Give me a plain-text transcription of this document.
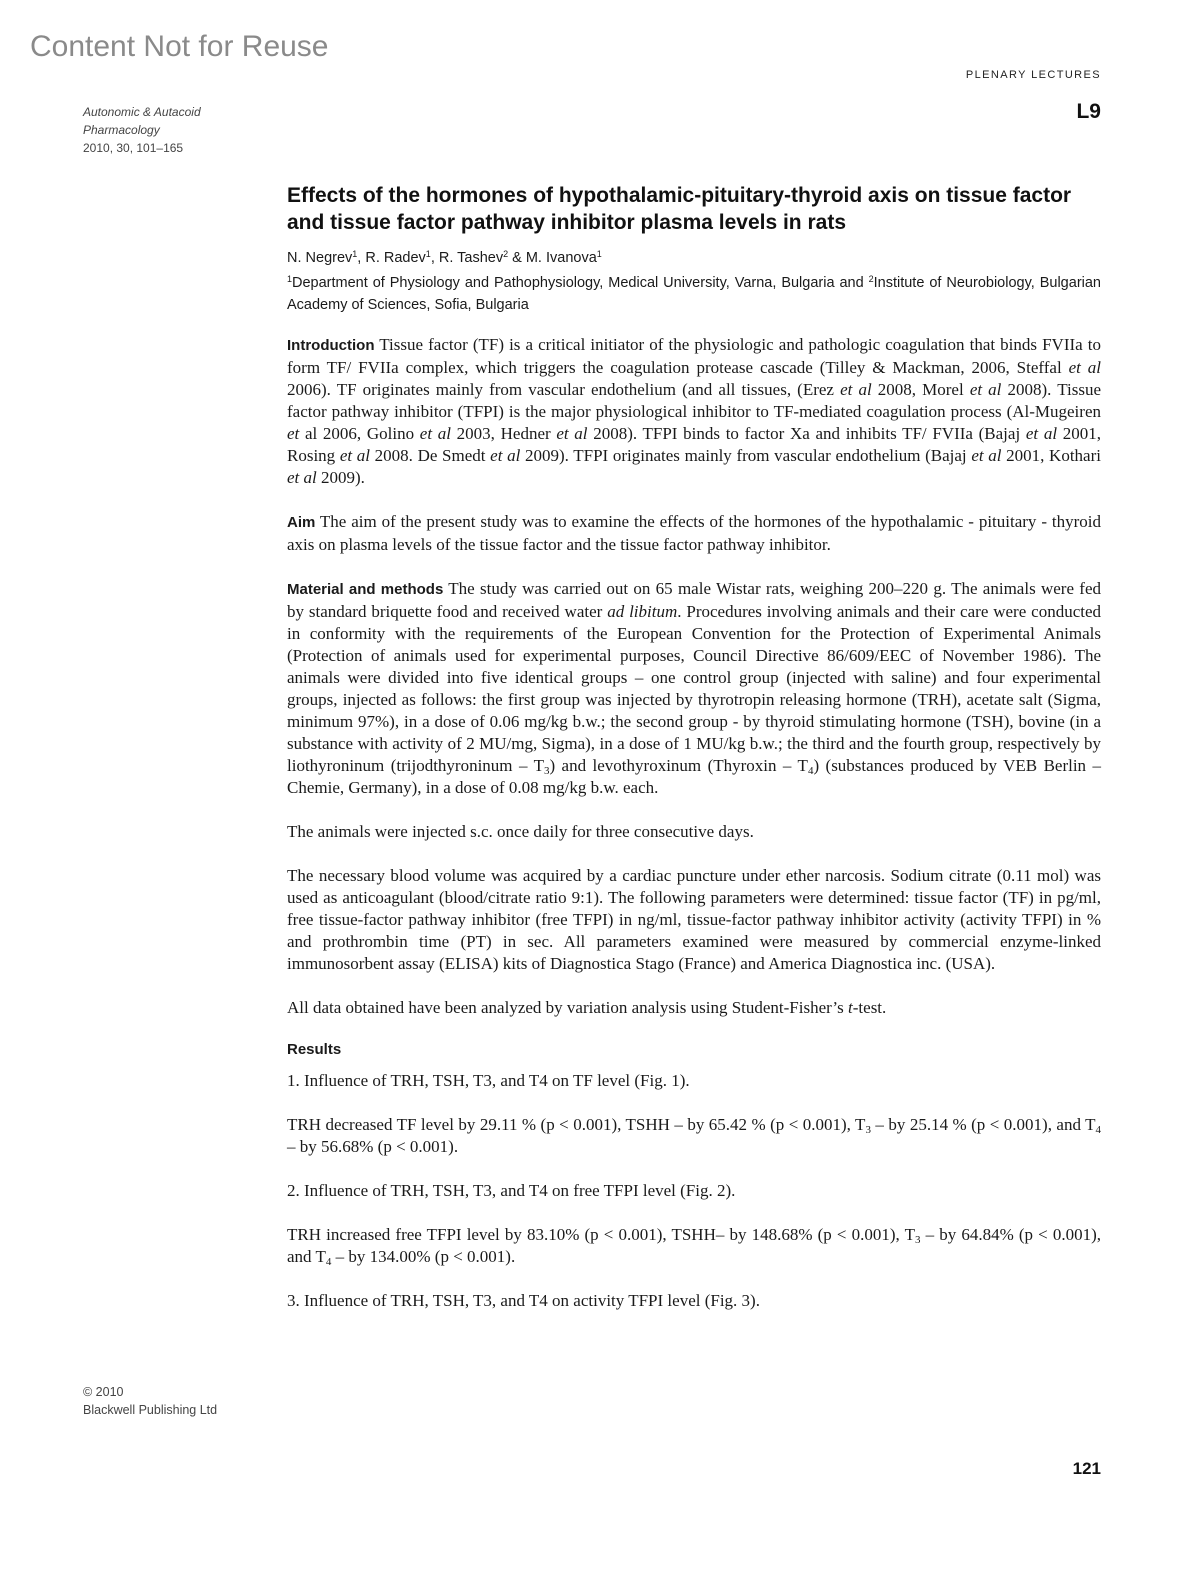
Content Not for Reuse
PLENARY LECTURES
L9
Autonomic & Autacoid
Pharmacology
2010, 30, 101–165
Effects of the hormones of hypothalamic-pituitary-thyroid axis on tissue factor and tissue factor pathway inhibitor plasma levels in rats

N. Negrev$^1$, R. Radev$^1$, R. Tashev$^2$ & M. Ivanova$^1$

$^1$Department of Physiology and Pathophysiology, Medical University, Varna, Bulgaria and $^2$Institute of Neurobiology, Bulgarian Academy of Sciences, Sofia, Bulgaria

Introduction Tissue factor (TF) is a critical initiator of the physiologic and pathologic coagulation that binds FVIIa to form TF/ FVIIa complex, which triggers the coagulation protease cascade (Tilley & Mackman, 2006, Steffal et al 2006). TF originates mainly from vascular endothelium (and all tissues, (Erez et al 2008, Morel et al 2008). Tissue factor pathway inhibitor (TFPI) is the major physiological inhibitor to TF-mediated coagulation process (Al-Mugeiren et al 2006, Golino et al 2003, Hedner et al 2008). TFPI binds to factor Xa and inhibits TF/ FVIIa (Bajaj et al 2001, Rosing et al 2008. De Smedt et al 2009). TFPI originates mainly from vascular endothelium (Bajaj et al 2001, Kothari et al 2009).

Aim The aim of the present study was to examine the effects of the hormones of the hypothalamic - pituitary - thyroid axis on plasma levels of the tissue factor and the tissue factor pathway inhibitor.

Material and methods The study was carried out on 65 male Wistar rats, weighing 200–220 g. The animals were fed by standard briquette food and received water ad libitum. Procedures involving animals and their care were conducted in conformity with the requirements of the European Convention for the Protection of Experimental Animals (Protection of animals used for experimental purposes, Council Directive 86/609/EEC of November 1986). The animals were divided into five identical groups – one control group (injected with saline) and four experimental groups, injected as follows: the first group was injected by thyrotropin releasing hormone (TRH), acetate salt (Sigma, minimum 97%), in a dose of 0.06 mg/kg b.w.; the second group - by thyroid stimulating hormone (TSH), bovine (in a substance with activity of 2 MU/mg, Sigma), in a dose of 1 MU/kg b.w.; the third and the fourth group, respectively by liothyroninum (trijodthyroninum – $T_3$) and levothyroxinum (Thyroxin – $T_4$) (substances produced by VEB Berlin – Chemie, Germany), in a dose of 0.08 mg/kg b.w. each.

The animals were injected s.c. once daily for three consecutive days.

The necessary blood volume was acquired by a cardiac puncture under ether narcosis. Sodium citrate (0.11 mol) was used as anticoagulant (blood/citrate ratio 9:1). The following parameters were determined: tissue factor (TF) in pg/ml, free tissue-factor pathway inhibitor (free TFPI) in ng/ml, tissue-factor pathway inhibitor activity (activity TFPI) in % and prothrombin time (PT) in sec. All parameters examined were measured by commercial enzyme-linked immunosorbent assay (ELISA) kits of Diagnostica Stago (France) and America Diagnostica inc. (USA).

All data obtained have been analyzed by variation analysis using Student-Fisher’s t-test.

Results

1. Influence of TRH, TSH, T3, and T4 on TF level (Fig. 1).

TRH decreased TF level by 29.11 % (p < 0.001), TSHH – by 65.42 % (p < 0.001), $T_3$ – by 25.14 % (p < 0.001), and $T_4$ – by 56.68% (p < 0.001).

2. Influence of TRH, TSH, T3, and T4 on free TFPI level (Fig. 2).

TRH increased free TFPI level by 83.10% (p < 0.001), TSHH– by 148.68% (p < 0.001), $T_3$ – by 64.84% (p < 0.001), and $T_4$ – by 134.00% (p < 0.001).

3. Influence of TRH, TSH, T3, and T4 on activity TFPI level (Fig. 3).

© 2010
Blackwell Publishing Ltd
121
